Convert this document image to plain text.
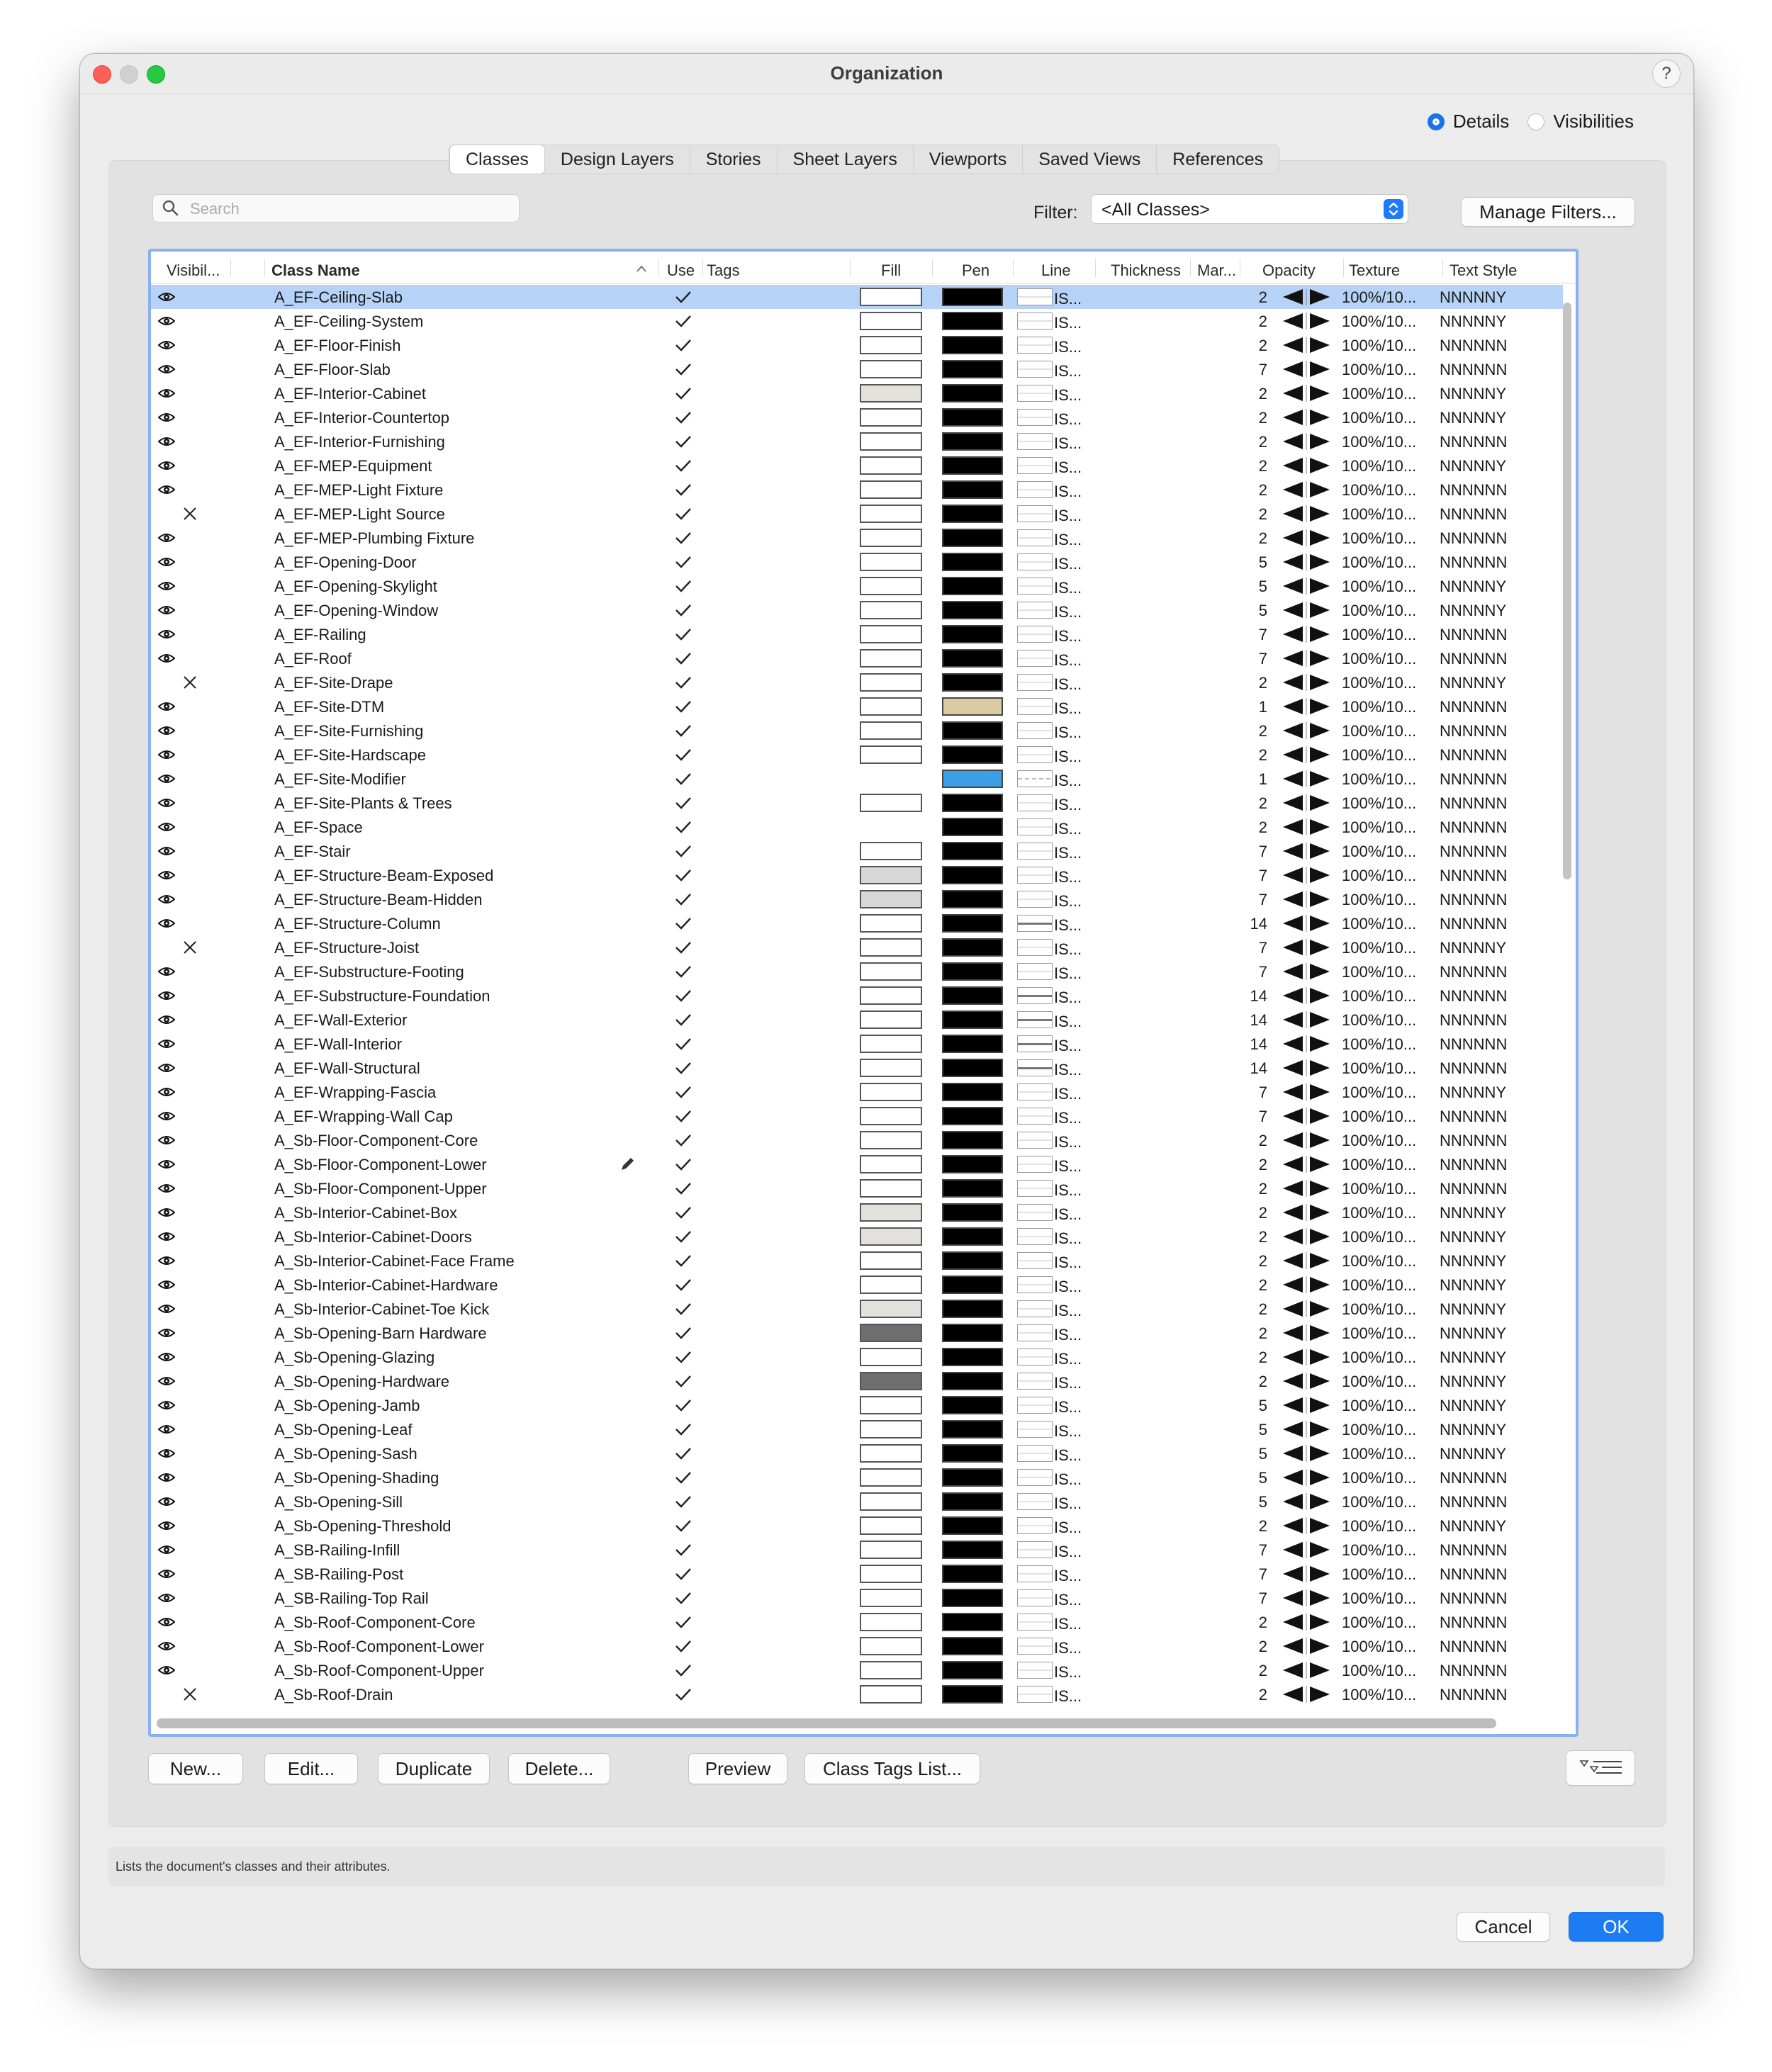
Organization	?
Details Visibilities
Classes	Design Layers	Stories	Sheet Layers	Viewports	Saved Views	References
Search	Filter: <All Classes>	Manage Filters...
Visibil...	Class Name	Use Tags	Fill	Pen	Line	Thickness Mar... Opacity Texture	Text Style
A_EF-Ceiling-Slab	IS...	2	100%/10... NNNNNY
A_EF-Ceiling-System	IS...	2	100%/10... NNNNNY
A_EF-Floor-Finish	IS...	2	100%/10... NNNNNN
A_EF-Floor-Slab	IS...	7	100%/10... NNNNNN
A_EF-Interior-Cabinet	IS...	2	100%/10... NNNNNY
A_EF-Interior-Countertop	IS...	2	100%/10... NNNNNY
A_EF-Interior-Furnishing	IS...	2	100%/10... NNNNNN
A_EF-MEP-Equipment	IS...	2	100%/10... NNNNNY
A_EF-MEP-Light Fixture	IS...	2	100%/10... NNNNNN
A_EF-MEP-Light Source	IS...	2	100%/10... NNNNNN
A_EF-MEP-Plumbing Fixture	IS...	2	100%/10... NNNNNN
A_EF-Opening-Door	IS...	5	100%/10... NNNNNN
A_EF-Opening-Skylight	IS...	5	100%/10... NNNNNY
A_EF-Opening-Window	IS...	5	100%/10... NNNNNY
A_EF-Railing	IS...	7	100%/10... NNNNNN
A_EF-Roof	IS...	7	100%/10... NNNNNN
A_EF-Site-Drape	IS...	2	100%/10... NNNNNY
A_EF-Site-DTM	IS...	1	100%/10... NNNNNN
A_EF-Site-Furnishing	IS...	2	100%/10... NNNNNN
A_EF-Site-Hardscape	IS...	2	100%/10... NNNNNN
A_EF-Site-Modifier	IS...	1	100%/10... NNNNNN
A_EF-Site-Plants & Trees	IS...	2	100%/10... NNNNNN
A_EF-Space	IS...	2	100%/10... NNNNNN
A_EF-Stair	IS...	7	100%/10... NNNNNN
A_EF-Structure-Beam-Exposed	IS...	7	100%/10... NNNNNN
A_EF-Structure-Beam-Hidden	IS...	7	100%/10... NNNNNN
A_EF-Structure-Column	IS...	14	100%/10... NNNNNN
A_EF-Structure-Joist	IS...	7	100%/10... NNNNNY
A_EF-Substructure-Footing	IS...	7	100%/10... NNNNNN
A_EF-Substructure-Foundation	IS...	14	100%/10... NNNNNN
A_EF-Wall-Exterior	IS...	14	100%/10... NNNNNN
A_EF-Wall-Interior	IS...	14	100%/10... NNNNNN
A_EF-Wall-Structural	IS...	14	100%/10... NNNNNN
A_EF-Wrapping-Fascia	IS...	7	100%/10... NNNNNY
A_EF-Wrapping-Wall Cap	IS...	7	100%/10... NNNNNN
A_Sb-Floor-Component-Core	IS...	2	100%/10... NNNNNN
A_Sb-Floor-Component-Lower	IS...	2	100%/10... NNNNNN
A_Sb-Floor-Component-Upper	IS...	2	100%/10... NNNNNN
A_Sb-Interior-Cabinet-Box	IS...	2	100%/10... NNNNNY
A_Sb-Interior-Cabinet-Doors	IS...	2	100%/10... NNNNNY
A_Sb-Interior-Cabinet-Face Frame	IS...	2	100%/10... NNNNNY
A_Sb-Interior-Cabinet-Hardware	IS...	2	100%/10... NNNNNY
A_Sb-Interior-Cabinet-Toe Kick	IS...	2	100%/10... NNNNNY
A_Sb-Opening-Barn Hardware	IS...	2	100%/10... NNNNNY
A_Sb-Opening-Glazing	IS...	2	100%/10... NNNNNY
A_Sb-Opening-Hardware	IS...	2	100%/10... NNNNNY
A_Sb-Opening-Jamb	IS...	5	100%/10... NNNNNY
A_Sb-Opening-Leaf	IS...	5	100%/10... NNNNNY
A_Sb-Opening-Sash	IS...	5	100%/10... NNNNNY
A_Sb-Opening-Shading	IS...	5	100%/10... NNNNNN
A_Sb-Opening-Sill	IS...	5	100%/10... NNNNNN
A_Sb-Opening-Threshold	IS...	2	100%/10... NNNNNY
A_SB-Railing-Infill	IS...	7	100%/10... NNNNNN
A_SB-Railing-Post	IS...	7	100%/10... NNNNNN
A_SB-Railing-Top Rail	IS...	7	100%/10... NNNNNN
A_Sb-Roof-Component-Core	IS...	2	100%/10... NNNNNN
A_Sb-Roof-Component-Lower	IS...	2	100%/10... NNNNNN
A_Sb-Roof-Component-Upper	IS...	2	100%/10... NNNNNN
A_Sb-Roof-Drain	IS...	2	100%/10... NNNNNN
New...	Edit...	Duplicate	Delete...	Preview	Class Tags List...
Lists the document's classes and their attributes.
Cancel	OK
